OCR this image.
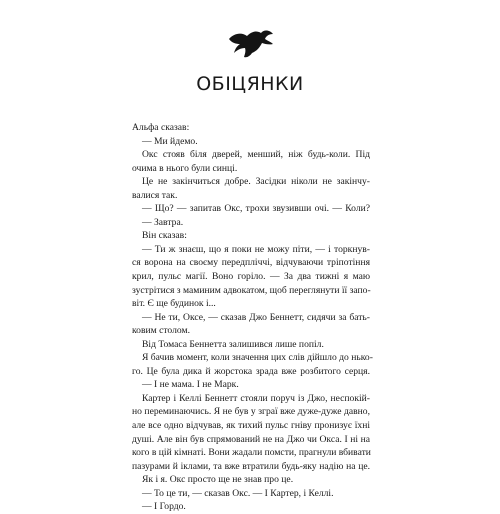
ОБІЦЯНКИ
Альфа сказав:
— Ми йдемо.
Окс стояв біля дверей, менший, ніж будь-коли. Під
очима в нього були синці.
Це не закінчиться добре. Засідки ніколи не закінчу-
валися так.
— Що? — запитав Окс, трохи звузивши очі. — Коли?
— Завтра.
Він сказав:
— Ти ж знаєш, що я поки не можу піти, — і торкнув-
ся ворона на своєму передпліччі, відчуваючи тріпотіння
крил, пульс магії. Воно горіло. — За два тижні я маю
зустрітися з маминим адвокатом, щоб переглянути її запо-
віт. Є ще будинок і...
— Не ти, Оксе, — сказав Джо Беннетт, сидячи за бать-
ковим столом.
Від Томаса Беннетта залишився лише попіл.
Я бачив момент, коли значення цих слів дійшло до нько-
го. Це була дика й жорстока зрада вже розбитого серця.
— І не мама. І не Марк.
Картер і Келлі Беннетт стояли поруч із Джо, неспокій-
но переминаючись. Я не був у зграї вже дуже-дуже давно,
але все одно відчував, як тихий пульс гніву пронизує їхні
душі. Але він був спрямований не на Джо чи Окса. І ні на
кого в цій кімнаті. Вони жадали помсти, прагнули вбивати
пазурами й іклами, та вже втратили будь-яку надію на це.
Як і я. Окс просто ще не знав про це.
— То це ти, — сказав Окс. — І Картер, і Келлі.
— І Гордо.
